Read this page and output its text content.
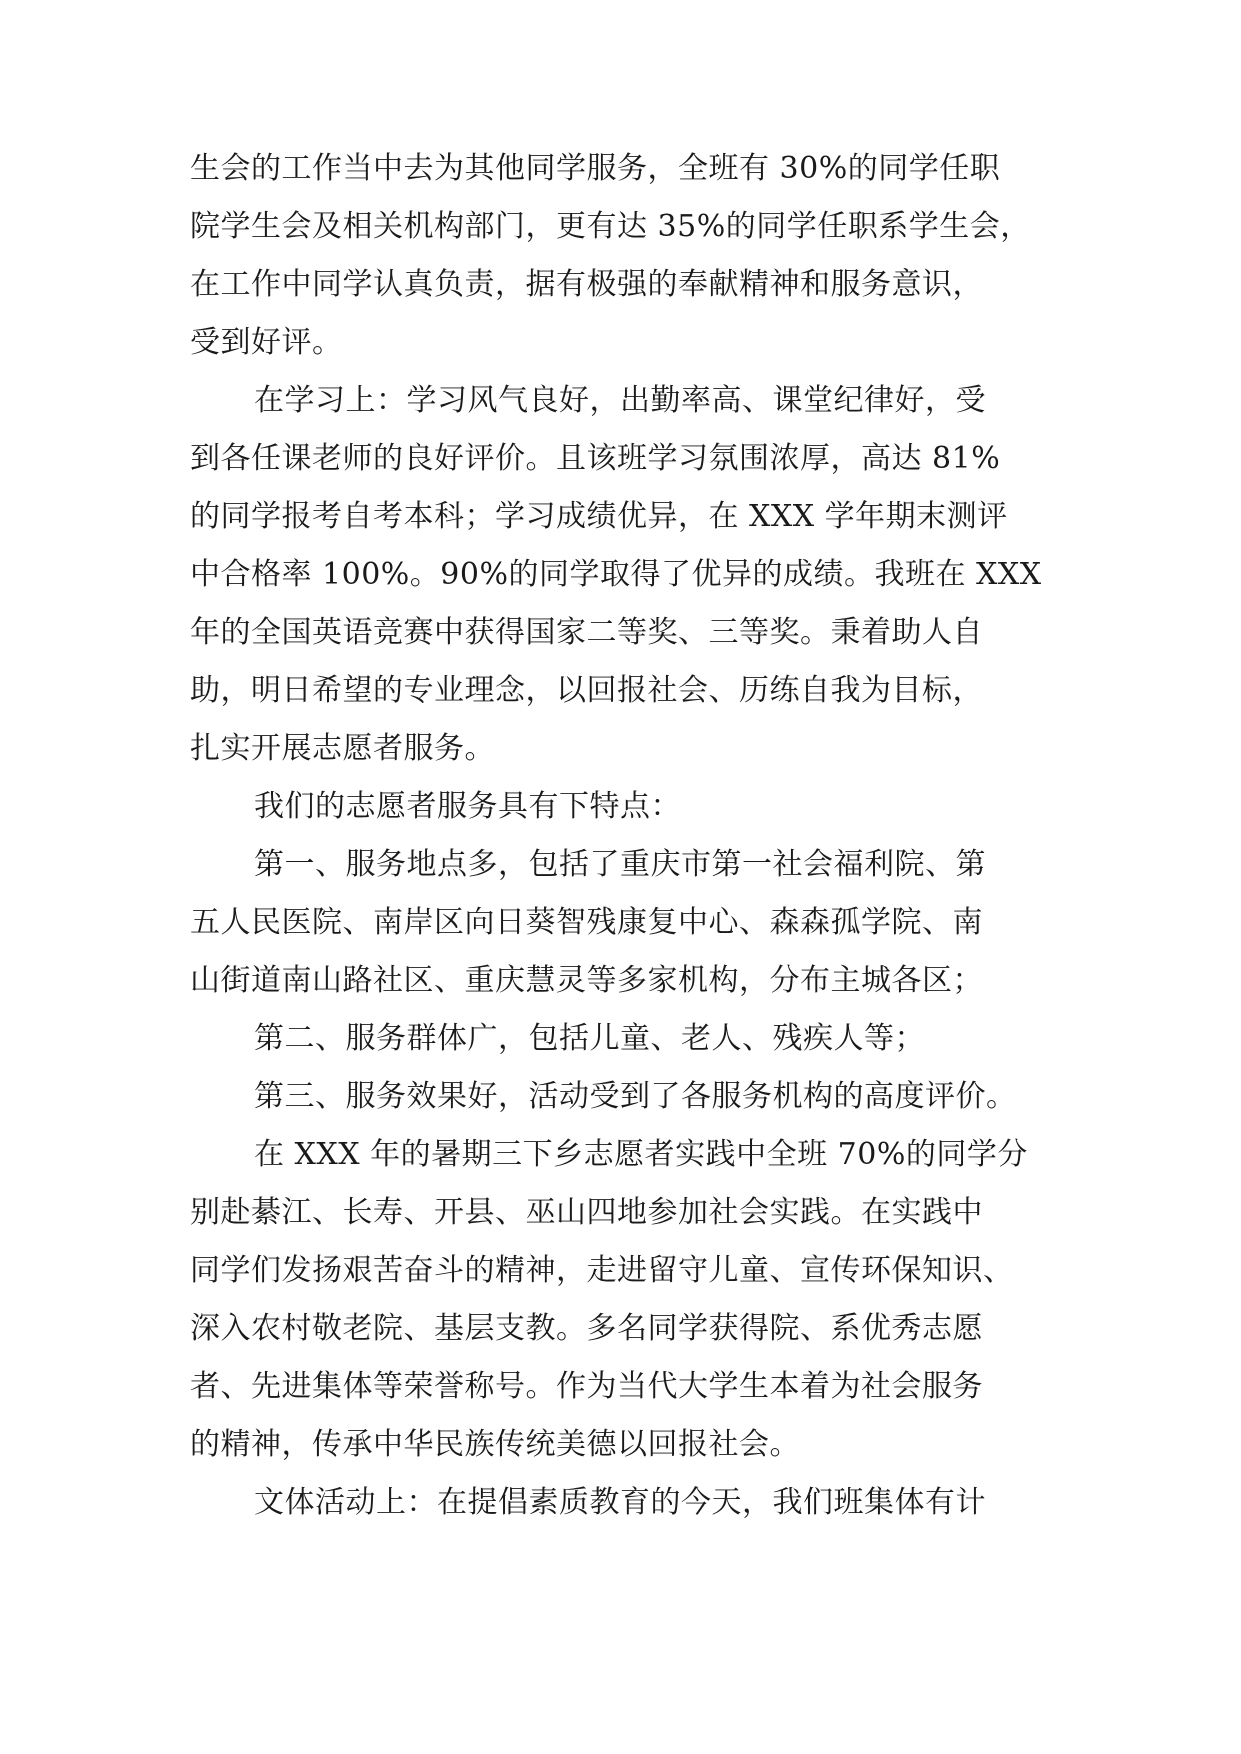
生会的工作当中去为其他同学服务，全班有 30%的同学任职
院学生会及相关机构部门，更有达 35%的同学任职系学生会，
在工作中同学认真负责，据有极强的奉献精神和服务意识，
受到好评。
在学习上：学习风气良好，出勤率高、课堂纪律好，受
到各任课老师的良好评价。且该班学习氛围浓厚，高达 81%
的同学报考自考本科；学习成绩优异，在 XXX 学年期末测评
中合格率 100%。90%的同学取得了优异的成绩。我班在 XXX
年的全国英语竞赛中获得国家二等奖、三等奖。秉着助人自
助，明日希望的专业理念，以回报社会、历练自我为目标，
扎实开展志愿者服务。
我们的志愿者服务具有下特点：
第一、服务地点多，包括了重庆市第一社会福利院、第
五人民医院、南岸区向日葵智残康复中心、森森孤学院、南
山街道南山路社区、重庆慧灵等多家机构，分布主城各区；
第二、服务群体广，包括儿童、老人、残疾人等；
第三、服务效果好，活动受到了各服务机构的高度评价。
在 XXX 年的暑期三下乡志愿者实践中全班 70%的同学分
别赴綦江、长寿、开县、巫山四地参加社会实践。在实践中
同学们发扬艰苦奋斗的精神，走进留守儿童、宣传环保知识、
深入农村敬老院、基层支教。多名同学获得院、系优秀志愿
者、先进集体等荣誉称号。作为当代大学生本着为社会服务
的精神，传承中华民族传统美德以回报社会。
文体活动上：在提倡素质教育的今天，我们班集体有计
